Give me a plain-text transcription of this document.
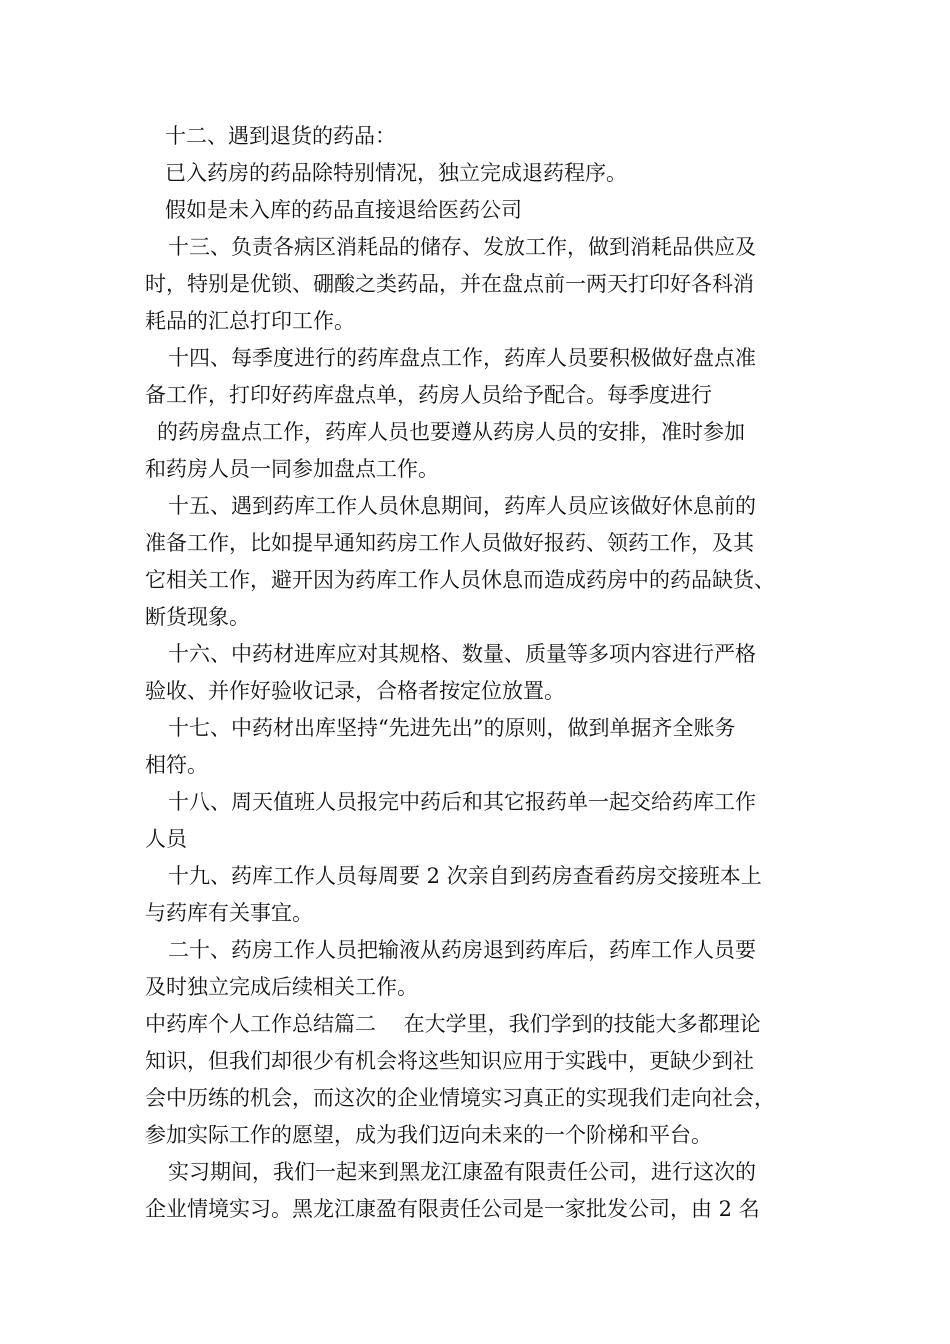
十二、遇到退货的药品：
已入药房的药品除特别情况，独立完成退药程序。
假如是未入库的药品直接退给医药公司
十三、负责各病区消耗品的储存、发放工作，做到消耗品供应及
时，特别是优锁、硼酸之类药品，并在盘点前一两天打印好各科消
耗品的汇总打印工作。
十四、每季度进行的药库盘点工作，药库人员要积极做好盘点准
备工作，打印好药库盘点单，药房人员给予配合。每季度进行
的药房盘点工作，药库人员也要遵从药房人员的安排，准时参加
和药房人员一同参加盘点工作。
十五、遇到药库工作人员休息期间，药库人员应该做好休息前的
准备工作，比如提早通知药房工作人员做好报药、领药工作，及其
它相关工作，避开因为药库工作人员休息而造成药房中的药品缺货、
断货现象。
十六、中药材进库应对其规格、数量、质量等多项内容进行严格
验收、并作好验收记录，合格者按定位放置。
十七、中药材出库坚持“先进先出”的原则，做到单据齐全账务
相符。
十八、周天值班人员报完中药后和其它报药单一起交给药库工作
人员
十九、药库工作人员每周要 2 次亲自到药房查看药房交接班本上
与药库有关事宜。
二十、药房工作人员把输液从药房退到药库后，药库工作人员要
及时独立完成后续相关工作。
中药库个人工作总结篇二　 在大学里，我们学到的技能大多都理论
知识，但我们却很少有机会将这些知识应用于实践中，更缺少到社
会中历练的机会，而这次的企业情境实习真正的实现我们走向社会，
参加实际工作的愿望，成为我们迈向未来的一个阶梯和平台。
实习期间，我们一起来到黑龙江康盈有限责任公司，进行这次的
企业情境实习。黑龙江康盈有限责任公司是一家批发公司，由 2 名
